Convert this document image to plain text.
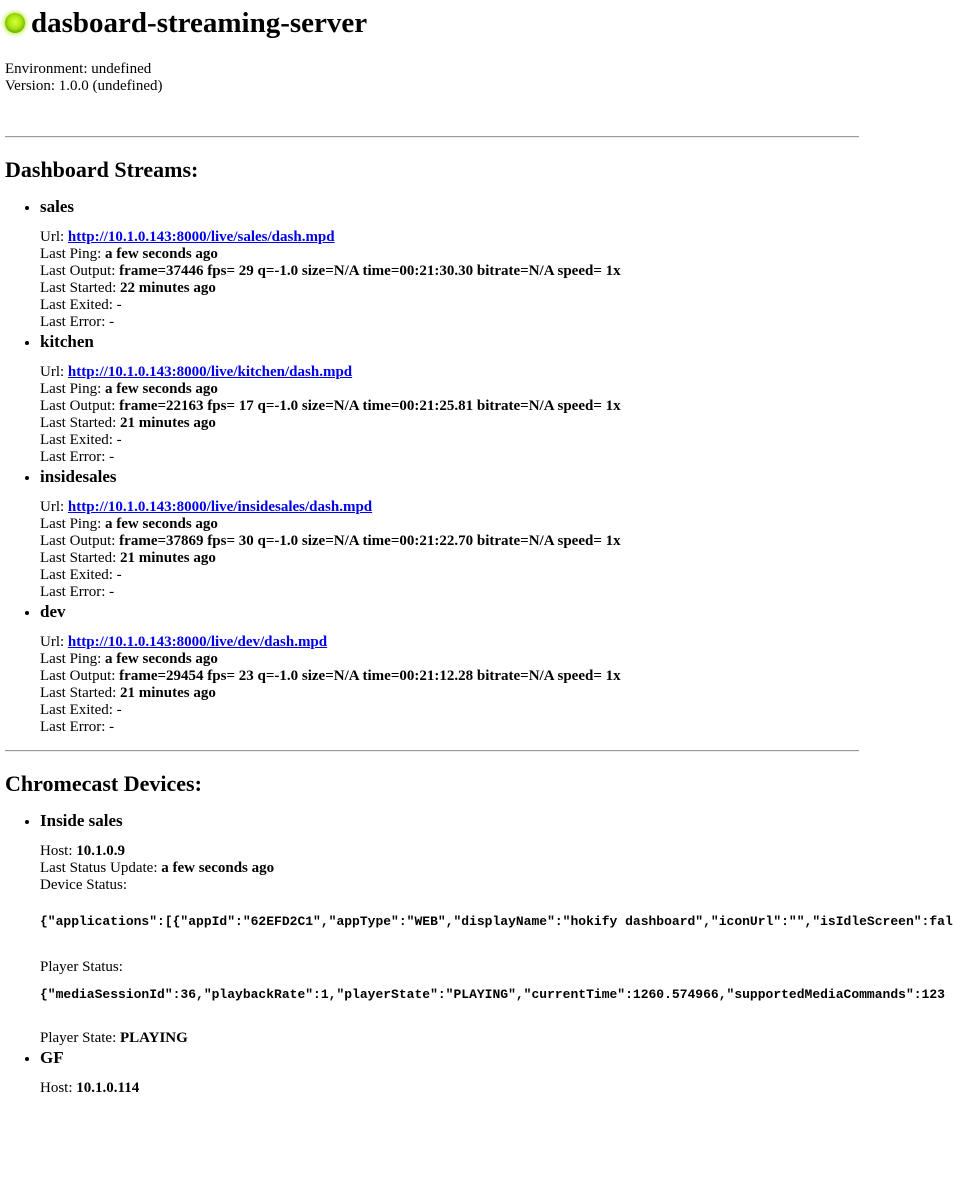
dasboard-streaming-server
Environment: undefined
Version: 1.0.0 (undefined)
Dashboard Streams:
• sales
Url: http://10.1.0.143:8000/live/sales/dash.mpd
Last Ping: a few seconds ago
Last Output: frame=37446 fps= 29 q=-1.0 size=N/A time=00:21:30.30 bitrate=N/A speed= 1x
Last Started: 22 minutes ago
Last Exited: -
Last Error: -
• kitchen
Url: http://10.1.0.143:8000/live/kitchen/dash.mpd
Last Ping: a few seconds ago
Last Output: frame=22163 fps= 17 q=-1.0 size=N/A time=00:21:25.81 bitrate=N/A speed= 1x
Last Started: 21 minutes ago
Last Exited: -
Last Error: -
• insidesales
Url: http://10.1.0.143:8000/live/insidesales/dash.mpd
Last Ping: a few seconds ago
Last Output: frame=37869 fps= 30 q=-1.0 size=N/A time=00:21:22.70 bitrate=N/A speed= 1x
Last Started: 21 minutes ago
Last Exited: -
Last Error: -
• dev
Url: http://10.1.0.143:8000/live/dev/dash.mpd
Last Ping: a few seconds ago
Last Output: frame=29454 fps= 23 q=-1.0 size=N/A time=00:21:12.28 bitrate=N/A speed= 1x
Last Started: 21 minutes ago
Last Exited: -
Last Error: -
Chromecast Devices:
• Inside sales
Host: 10.1.0.9
Last Status Update: a few seconds ago
Device Status:
{"applications":[{"appId":"62EFD2C1","appType":"WEB","displayName":"hokify dashboard","iconUrl":"","isIdleScreen":fal
Player Status:
{"mediaSessionId":36,"playbackRate":1,"playerState":"PLAYING","currentTime":1260.574966,"supportedMediaCommands":123
Player State: PLAYING
• GF
Host: 10.1.0.114
